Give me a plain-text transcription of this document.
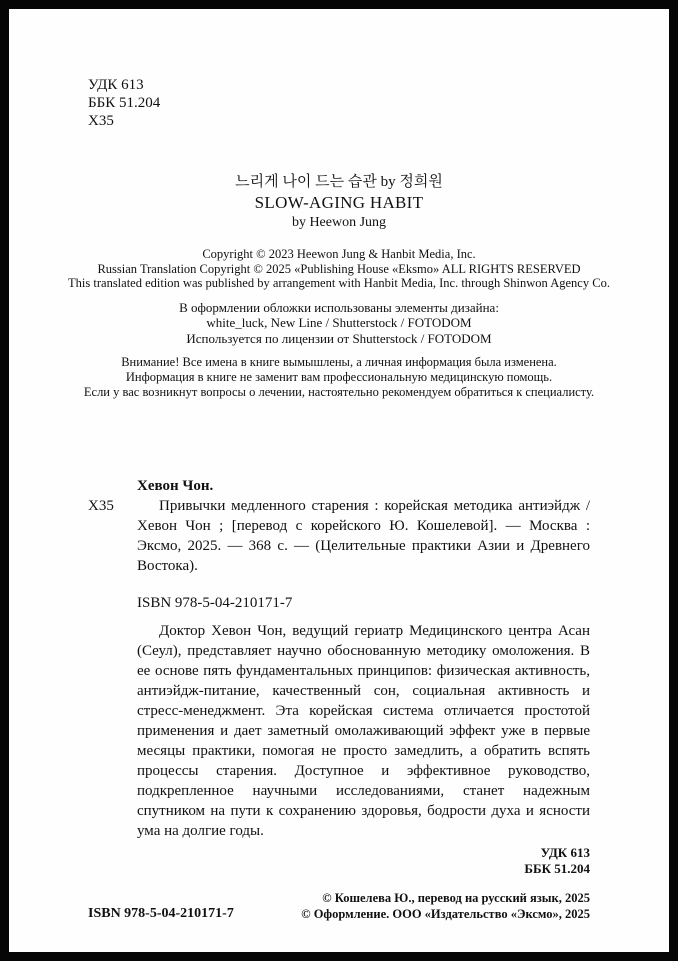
УДК 613
ББК 51.204
Х35
느리게 나이 드는 습관 by 정희원
SLOW-AGING HABIT
by Heewon Jung
Copyright © 2023 Heewon Jung & Hanbit Media, Inc.
Russian Translation Copyright © 2025 «Publishing House «Eksmo» ALL RIGHTS RESERVED
This translated edition was published by arrangement with Hanbit Media, Inc. through Shinwon Agency Co.
В оформлении обложки использованы элементы дизайна:
white_luck, New Line / Shutterstock / FOTODOM
Используется по лицензии от Shutterstock / FOTODOM
Внимание! Все имена в книге вымышлены, а личная информация была изменена.
Информация в книге не заменит вам профессиональную медицинскую помощь.
Если у вас возникнут вопросы о лечении, настоятельно рекомендуем обратиться к специалисту.
Хевон Чон.
Х35	Привычки медленного старения : корейская методика антиэйдж / Хевон Чон ; [перевод с корейского Ю. Кошелевой]. — Москва : Эксмо, 2025. — 368 с. — (Целительные практики Азии и Древнего Востока).
ISBN 978-5-04-210171-7
Доктор Хевон Чон, ведущий гериатр Медицинского центра Асан (Сеул), представляет научно обоснованную методику омоложения. В ее основе пять фундаментальных принципов: физическая активность, антиэйдж-питание, качественный сон, социальная активность и стресс-менеджмент. Эта корейская система отличается простотой применения и дает заметный омолаживающий эффект уже в первые месяцы практики, помогая не просто замедлить, а обратить вспять процессы старения. Доступное и эффективное руководство, подкрепленное научными исследованиями, станет надежным спутником на пути к сохранению здоровья, бодрости духа и ясности ума на долгие годы.
УДК 613
ББК 51.204
ISBN 978-5-04-210171-7
© Кошелева Ю., перевод на русский язык, 2025
© Оформление. ООО «Издательство «Эксмо», 2025
